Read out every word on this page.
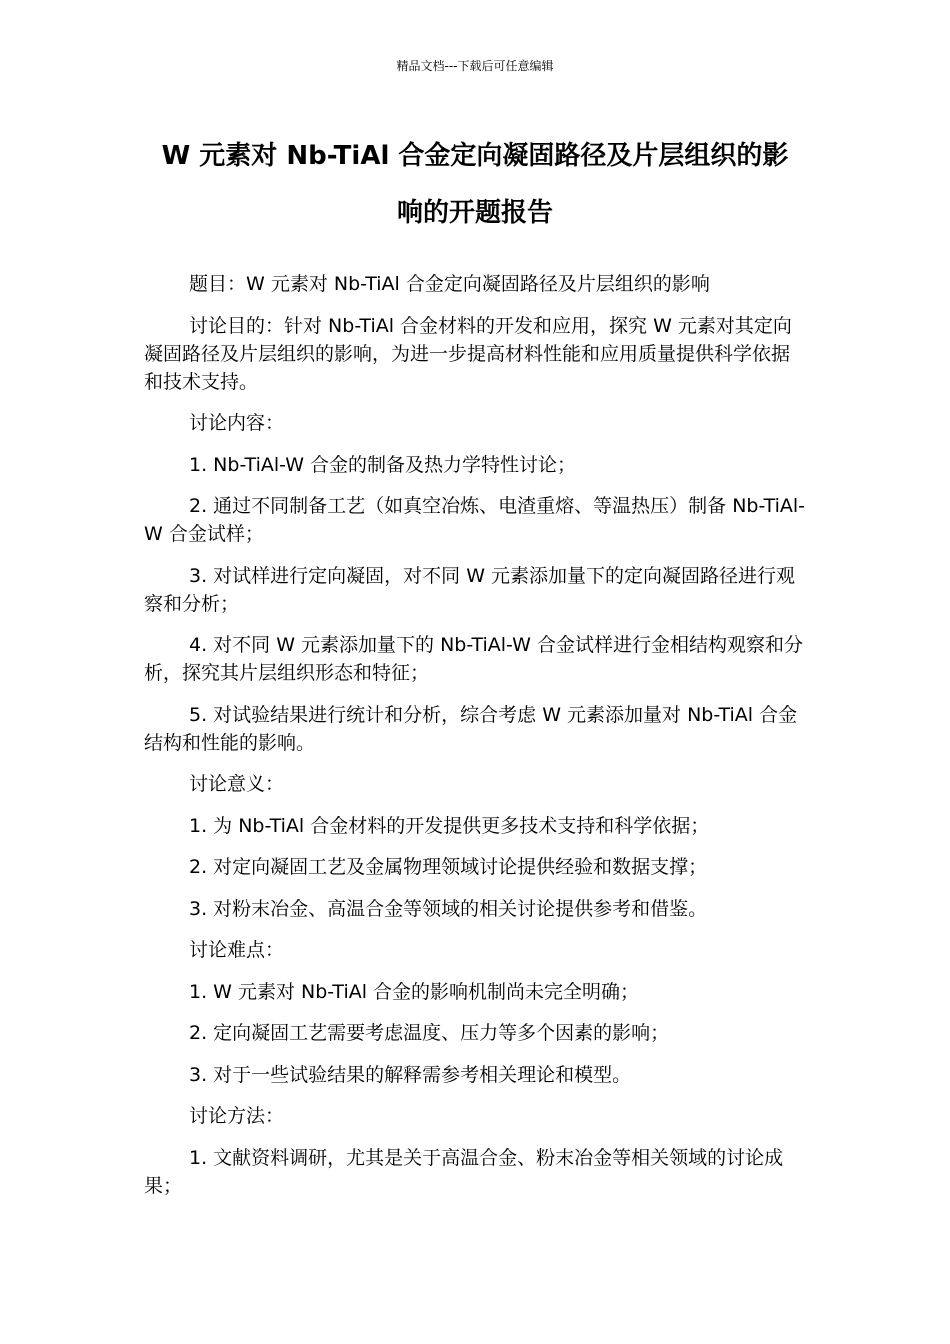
精品文档---下载后可任意编辑
W 元素对 Nb-TiAl 合金定向凝固路径及片层组织的影
响的开题报告

题目：W 元素对 Nb-TiAl 合金定向凝固路径及片层组织的影响

讨论目的：针对 Nb-TiAl 合金材料的开发和应用，探究 W 元素对其定向凝固路径及片层组织的影响，为进一步提高材料性能和应用质量提供科学依据和技术支持。

讨论内容：

1. Nb-TiAl-W 合金的制备及热力学特性讨论；

2. 通过不同制备工艺（如真空冶炼、电渣重熔、等温热压）制备 Nb-TiAl-W 合金试样；

3. 对试样进行定向凝固，对不同 W 元素添加量下的定向凝固路径进行观察和分析；

4. 对不同 W 元素添加量下的 Nb-TiAl-W 合金试样进行金相结构观察和分析，探究其片层组织形态和特征；

5. 对试验结果进行统计和分析，综合考虑 W 元素添加量对 Nb-TiAl 合金结构和性能的影响。

讨论意义：

1. 为 Nb-TiAl 合金材料的开发提供更多技术支持和科学依据；

2. 对定向凝固工艺及金属物理领域讨论提供经验和数据支撑；

3. 对粉末冶金、高温合金等领域的相关讨论提供参考和借鉴。

讨论难点：

1. W 元素对 Nb-TiAl 合金的影响机制尚未完全明确；

2. 定向凝固工艺需要考虑温度、压力等多个因素的影响；

3. 对于一些试验结果的解释需参考相关理论和模型。

讨论方法：

1. 文献资料调研，尤其是关于高温合金、粉末冶金等相关领域的讨论成果；
